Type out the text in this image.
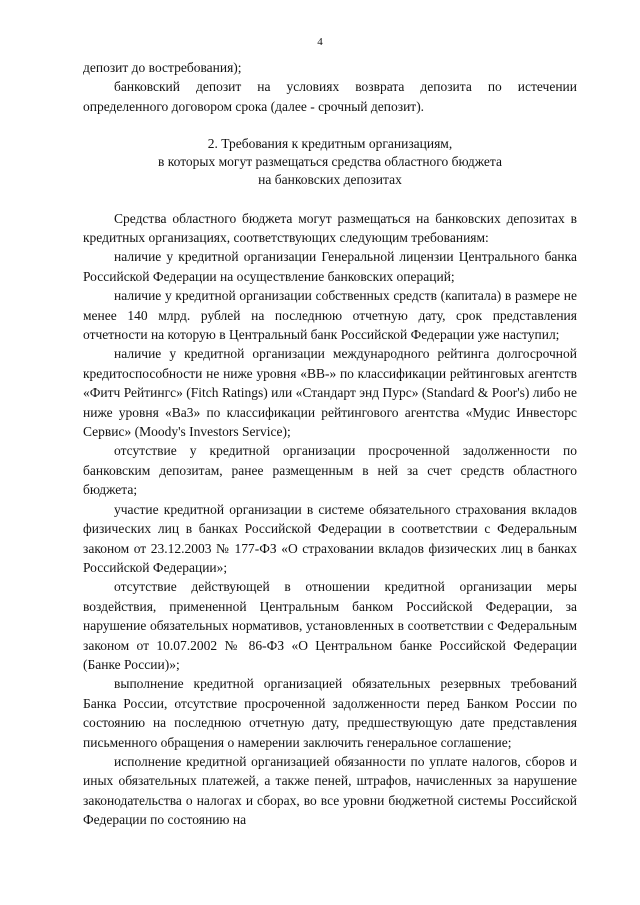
4

депозит до востребования);

банковский депозит на условиях возврата депозита по истечении определенного договором срока (далее - срочный депозит).

2. Требования к кредитным организациям,
в которых могут размещаться средства областного бюджета
на банковских депозитах

Средства областного бюджета могут размещаться на банковских депозитах в кредитных организациях, соответствующих следующим требованиям:

наличие у кредитной организации Генеральной лицензии Центрального банка Российской Федерации на осуществление банковских операций;

наличие у кредитной организации собственных средств (капитала) в размере не менее 140 млрд. рублей на последнюю отчетную дату, срок представления отчетности на которую в Центральный банк Российской Федерации уже наступил;

наличие у кредитной организации международного рейтинга долгосрочной кредитоспособности не ниже уровня «BB-» по классификации рейтинговых агентств «Фитч Рейтингс» (Fitch Ratings) или «Стандарт энд Пурс» (Standard & Poor's) либо не ниже уровня «Ba3» по классификации рейтингового агентства «Мудис Инвесторс Сервис» (Moody's Investors Service);

отсутствие у кредитной организации просроченной задолженности по банковским депозитам, ранее размещенным в ней за счет средств областного бюджета;

участие кредитной организации в системе обязательного страхования вкладов физических лиц в банках Российской Федерации в соответствии с Федеральным законом от 23.12.2003 № 177-ФЗ «О страховании вкладов физических лиц в банках Российской Федерации»;

отсутствие действующей в отношении кредитной организации меры воздействия, примененной Центральным банком Российской Федерации, за нарушение обязательных нормативов, установленных в соответствии с Федеральным законом от 10.07.2002 № 86-ФЗ «О Центральном банке Российской Федерации (Банке России)»;

выполнение кредитной организацией обязательных резервных требований Банка России, отсутствие просроченной задолженности перед Банком России по состоянию на последнюю отчетную дату, предшествующую дате представления письменного обращения о намерении заключить генеральное соглашение;

исполнение кредитной организацией обязанности по уплате налогов, сборов и иных обязательных платежей, а также пеней, штрафов, начисленных за нарушение законодательства о налогах и сборах, во все уровни бюджетной системы Российской Федерации по состоянию на
